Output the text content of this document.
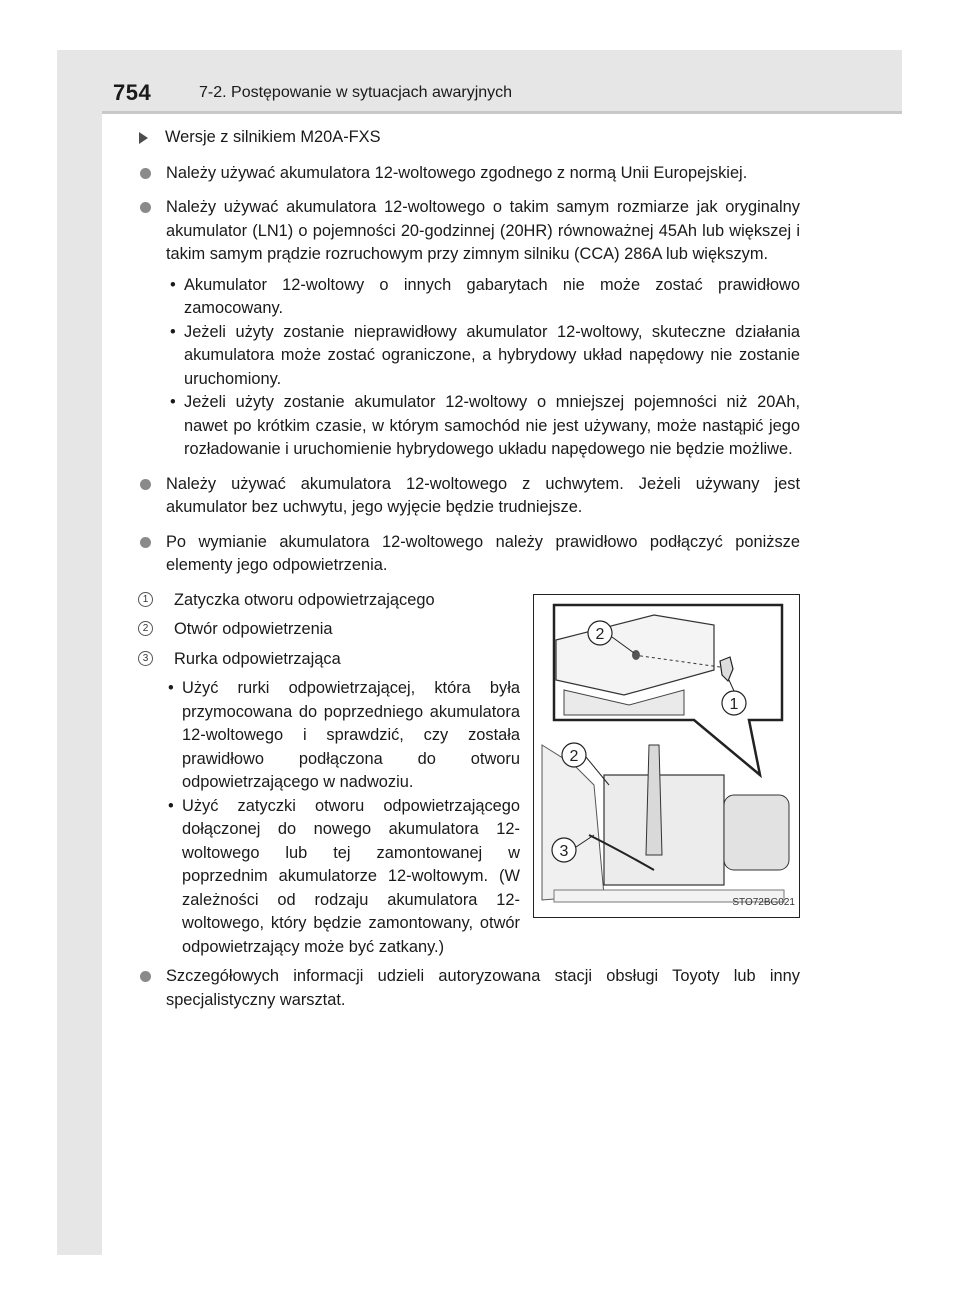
754	7-2. Postępowanie w sytuacjach awaryjnych
Wersje z silnikiem M20A-FXS
Należy używać akumulatora 12-woltowego zgodnego z normą Unii Europejskiej.
Należy używać akumulatora 12-woltowego o takim samym rozmiarze jak oryginalny akumulator (LN1) o pojemności 20-godzinnej (20HR) równoważnej 45Ah lub większej i takim samym prądzie rozruchowym przy zimnym silniku (CCA) 286A lub większym.
• Akumulator 12-woltowy o innych gabarytach nie może zostać prawidłowo zamocowany.
• Jeżeli użyty zostanie nieprawidłowy akumulator 12-woltowy, skuteczne działania akumulatora może zostać ograniczone, a hybrydowy układ napędowy nie zostanie uruchomiony.
• Jeżeli użyty zostanie akumulator 12-woltowy o mniejszej pojemności niż 20Ah, nawet po krótkim czasie, w którym samochód nie jest używany, może nastąpić jego rozładowanie i uruchomienie hybrydowego układu napędowego nie będzie możliwe.
Należy używać akumulatora 12-woltowego z uchwytem. Jeżeli używany jest akumulator bez uchwytu, jego wyjęcie będzie trudniejsze.
Po wymianie akumulatora 12-woltowego należy prawidłowo podłączyć poniższe elementy jego odpowietrzenia.
1 Zatyczka otworu odpowietrzającego
2 Otwór odpowietrzenia
3 Rurka odpowietrzająca
• Użyć rurki odpowietrzającej, która była przymocowana do poprzedniego akumulatora 12-woltowego i sprawdzić, czy została prawidłowo podłączona do otworu odpowietrzającego w nadwoziu.
• Użyć zatyczki otworu odpowietrzającego dołączonej do nowego akumulatora 12-woltowego lub tej zamontowanej w poprzednim akumulatorze 12-woltowym. (W zależności od rodzaju akumulatora 12-woltowego, który będzie zamontowany, otwór odpowietrzający może być zatkany.)
2
1
2
3
STO72BG021
Szczegółowych informacji udzieli autoryzowana stacji obsługi Toyoty lub inny specjalistyczny warsztat.
